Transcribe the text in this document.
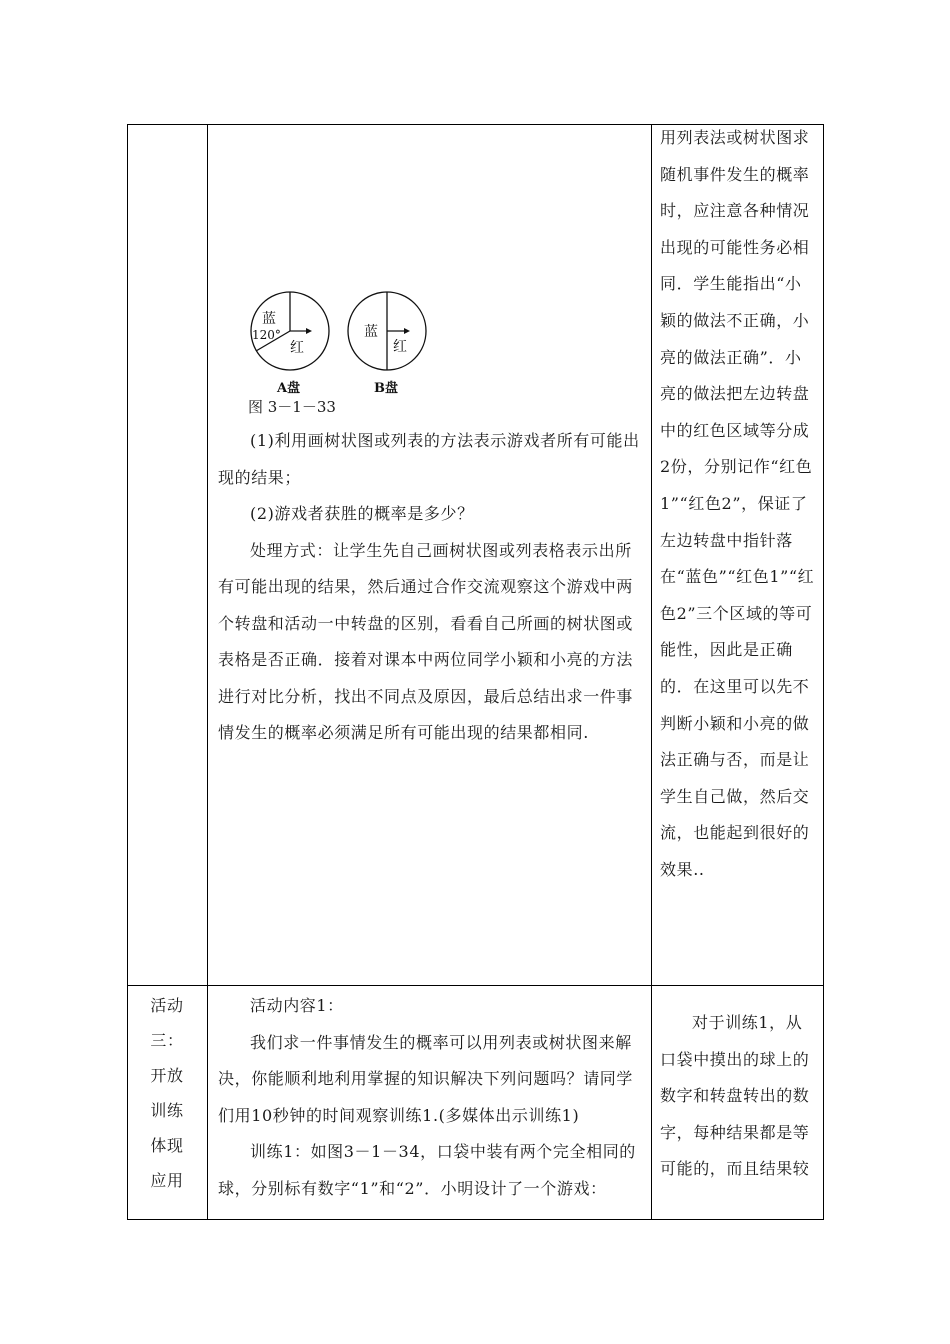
蓝
120°
红
蓝
红
A盘	B盘
图 3－1－33

(1)利用画树状图或列表的方法表示游戏者所有可能出现的结果；

(2)游戏者获胜的概率是多少？

处理方式：让学生先自己画树状图或列表格表示出所有可能出现的结果，然后通过合作交流观察这个游戏中两个转盘和活动一中转盘的区别，看看自己所画的树状图或表格是否正确．接着对课本中两位同学小颖和小亮的方法进行对比分析，找出不同点及原因，最后总结出求一件事情发生的概率必须满足所有可能出现的结果都相同.

用列表法或树状图求随机事件发生的概率时，应注意各种情况出现的可能性务必相同．学生能指出“小颖的做法不正确，小亮的做法正确”．小亮的做法把左边转盘中的红色区域等分成2份，分别记作“红色1”“红色2”，保证了左边转盘中指针落在“蓝色”“红色1”“红色2”三个区域的等可能性，因此是正确的．在这里可以先不判断小颖和小亮的做法正确与否，而是让学生自己做，然后交流，也能起到很好的效果..

活动三：开放训练体现应用

活动内容1：

我们求一件事情发生的概率可以用列表或树状图来解决，你能顺利地利用掌握的知识解决下列问题吗？请同学们用10秒钟的时间观察训练1.(多媒体出示训练1)

训练1：如图3－1－34，口袋中装有两个完全相同的球，分别标有数字“1”和“2”．小明设计了一个游戏：

对于训练1，从口袋中摸出的球上的数字和转盘转出的数字，每种结果都是等可能的，而且结果较
